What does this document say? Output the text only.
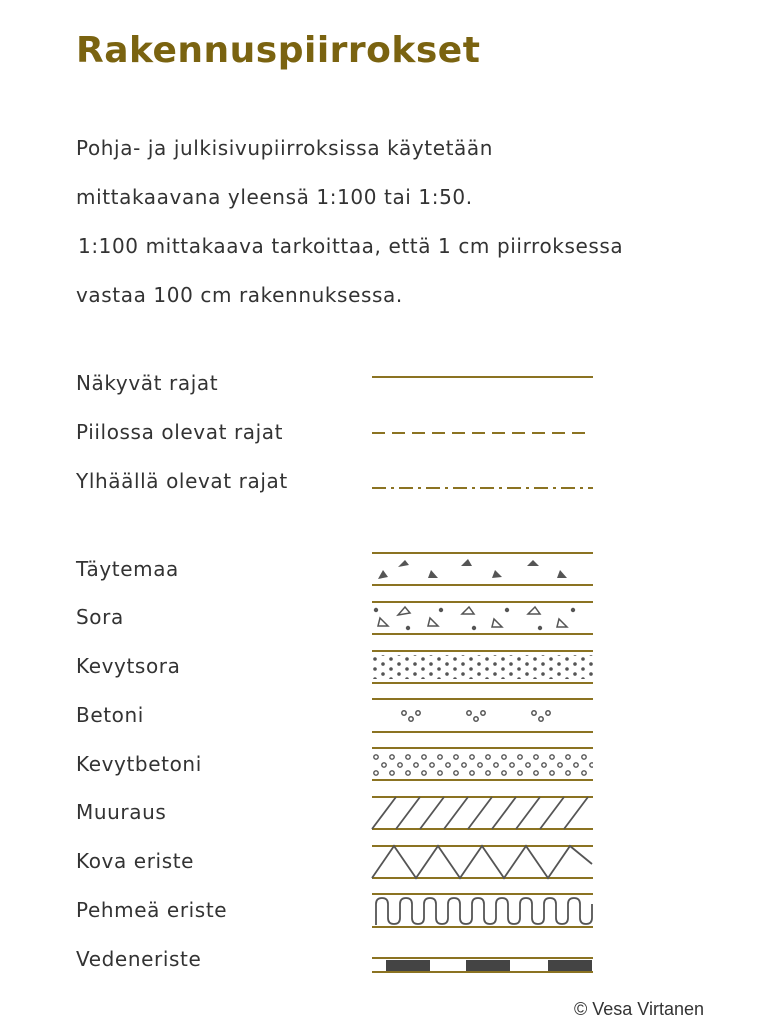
Rakennuspiirrokset

Pohja- ja julkisivupiirroksissa käytetään

mittakaavana yleensä 1:100 tai 1:50.

1:100 mittakaava tarkoittaa, että 1 cm piirroksessa

vastaa 100 cm rakennuksessa.

Näkyvät rajat

Piilossa olevat rajat

Ylhäällä olevat rajat

Täytemaa

Sora

Kevytsora

Betoni

Kevytbetoni

Muuraus

Kova eriste

Pehmeä eriste

Vedeneriste

© Vesa Virtanen
